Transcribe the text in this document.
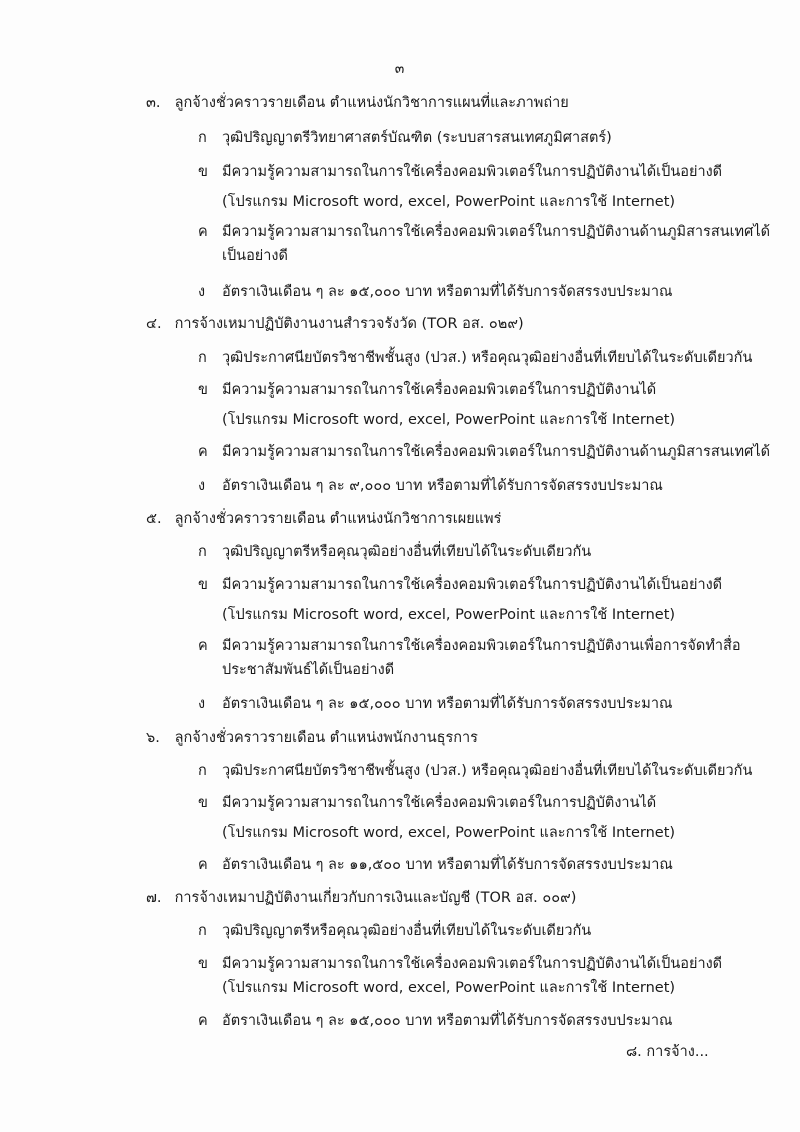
๓
๓. ลูกจ้างชั่วคราวรายเดือน ตำแหน่งนักวิชาการแผนที่และภาพถ่าย
ก วุฒิปริญญาตรีวิทยาศาสตร์บัณฑิต (ระบบสารสนเทศภูมิศาสตร์)
ข มีความรู้ความสามารถในการใช้เครื่องคอมพิวเตอร์ในการปฏิบัติงานได้เป็นอย่างดี
(โปรแกรม Microsoft word, excel, PowerPoint และการใช้ Internet)
ค มีความรู้ความสามารถในการใช้เครื่องคอมพิวเตอร์ในการปฏิบัติงานด้านภูมิสารสนเทศได้
เป็นอย่างดี
ง อัตราเงินเดือน ๆ ละ ๑๕,๐๐๐ บาท หรือตามที่ได้รับการจัดสรรงบประมาณ
๔. การจ้างเหมาปฏิบัติงานงานสำรวจรังวัด (TOR อส. ๐๒๙)
ก วุฒิประกาศนียบัตรวิชาชีพชั้นสูง (ปวส.) หรือคุณวุฒิอย่างอื่นที่เทียบได้ในระดับเดียวกัน
ข มีความรู้ความสามารถในการใช้เครื่องคอมพิวเตอร์ในการปฏิบัติงานได้
(โปรแกรม Microsoft word, excel, PowerPoint และการใช้ Internet)
ค มีความรู้ความสามารถในการใช้เครื่องคอมพิวเตอร์ในการปฏิบัติงานด้านภูมิสารสนเทศได้
ง อัตราเงินเดือน ๆ ละ ๙,๐๐๐ บาท หรือตามที่ได้รับการจัดสรรงบประมาณ
๕. ลูกจ้างชั่วคราวรายเดือน ตำแหน่งนักวิชาการเผยแพร่
ก วุฒิปริญญาตรีหรือคุณวุฒิอย่างอื่นที่เทียบได้ในระดับเดียวกัน
ข มีความรู้ความสามารถในการใช้เครื่องคอมพิวเตอร์ในการปฏิบัติงานได้เป็นอย่างดี
(โปรแกรม Microsoft word, excel, PowerPoint และการใช้ Internet)
ค มีความรู้ความสามารถในการใช้เครื่องคอมพิวเตอร์ในการปฏิบัติงานเพื่อการจัดทำสื่อ
ประชาสัมพันธ์ได้เป็นอย่างดี
ง อัตราเงินเดือน ๆ ละ ๑๕,๐๐๐ บาท หรือตามที่ได้รับการจัดสรรงบประมาณ
๖. ลูกจ้างชั่วคราวรายเดือน ตำแหน่งพนักงานธุรการ
ก วุฒิประกาศนียบัตรวิชาชีพชั้นสูง (ปวส.) หรือคุณวุฒิอย่างอื่นที่เทียบได้ในระดับเดียวกัน
ข มีความรู้ความสามารถในการใช้เครื่องคอมพิวเตอร์ในการปฏิบัติงานได้
(โปรแกรม Microsoft word, excel, PowerPoint และการใช้ Internet)
ค อัตราเงินเดือน ๆ ละ ๑๑,๕๐๐ บาท หรือตามที่ได้รับการจัดสรรงบประมาณ
๗. การจ้างเหมาปฏิบัติงานเกี่ยวกับการเงินและบัญชี (TOR อส. ๐๐๙)
ก วุฒิปริญญาตรีหรือคุณวุฒิอย่างอื่นที่เทียบได้ในระดับเดียวกัน
ข มีความรู้ความสามารถในการใช้เครื่องคอมพิวเตอร์ในการปฏิบัติงานได้เป็นอย่างดี
(โปรแกรม Microsoft word, excel, PowerPoint และการใช้ Internet)
ค อัตราเงินเดือน ๆ ละ ๑๕,๐๐๐ บาท หรือตามที่ได้รับการจัดสรรงบประมาณ
๘. การจ้าง...
